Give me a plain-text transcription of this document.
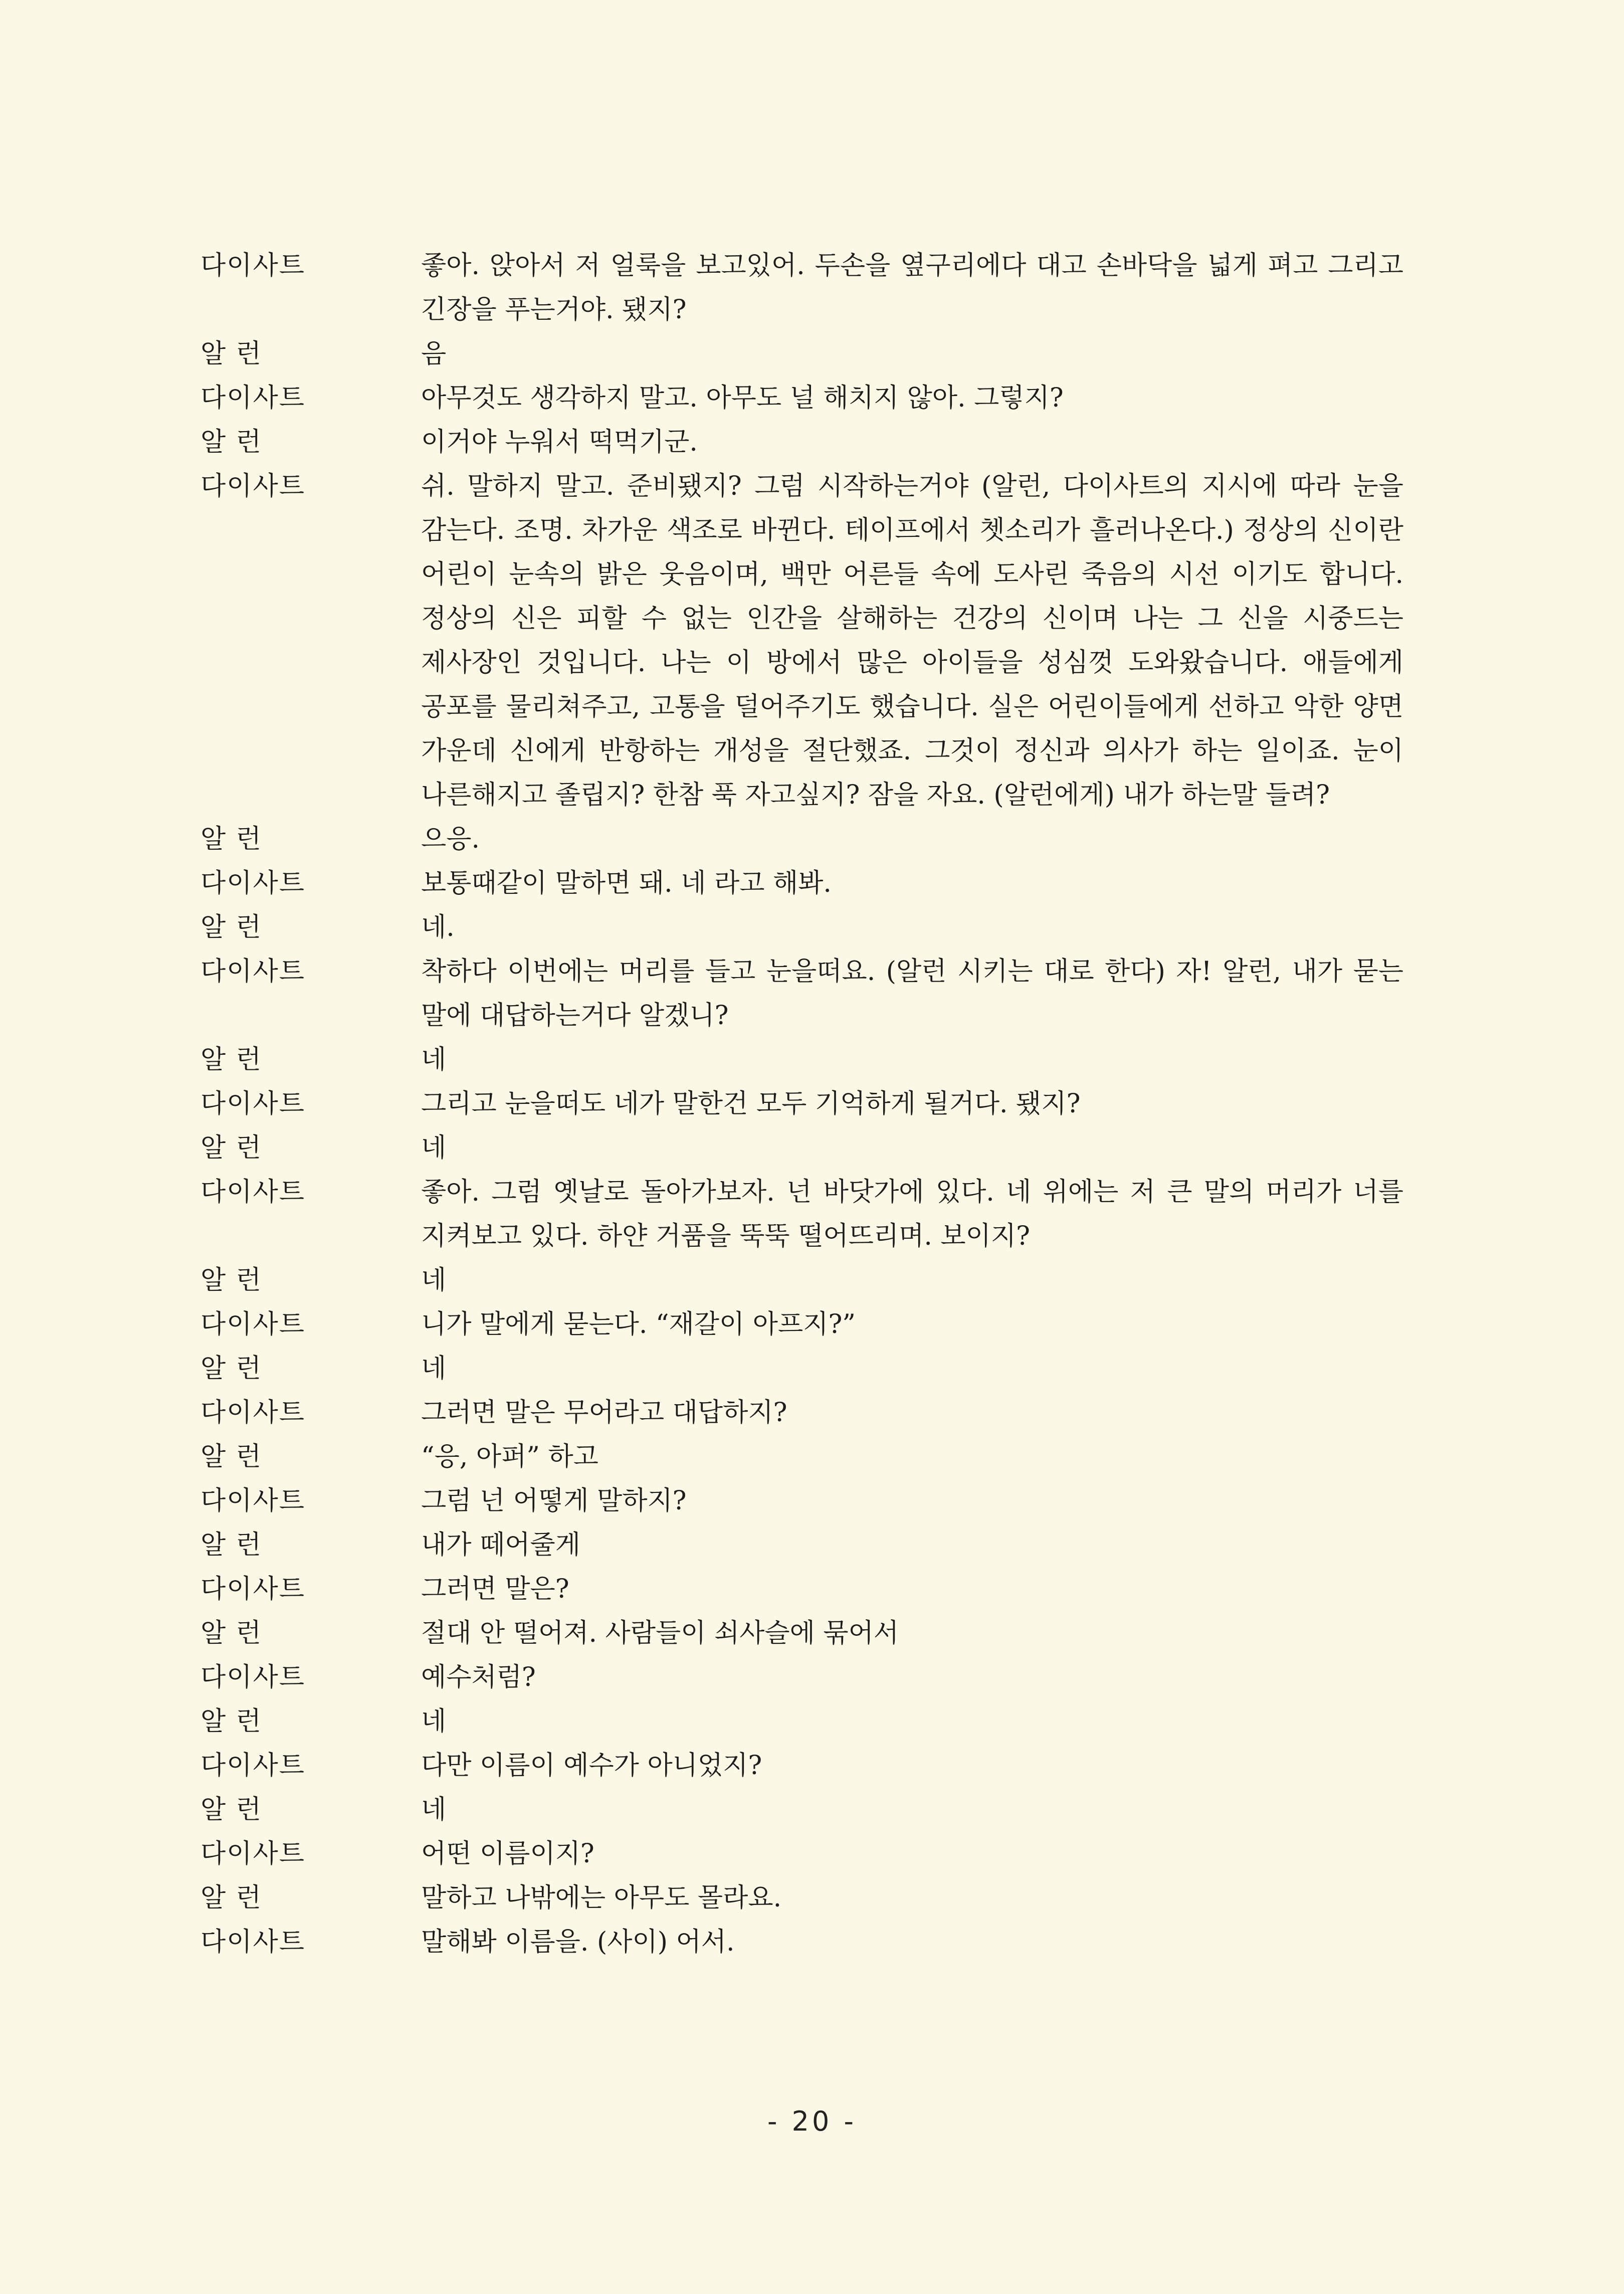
다이사트	좋아. 앉아서 저 얼룩을 보고있어. 두손을 옆구리에다 대고 손바닥을 넓게 펴고 그리고 긴장을 푸는거야. 됐지?
알 런	음
다이사트	아무것도 생각하지 말고. 아무도 널 해치지 않아. 그렇지?
알 런	이거야 누워서 떡먹기군.
다이사트	쉬. 말하지 말고. 준비됐지? 그럼 시작하는거야 (알런, 다이사트의 지시에 따라 눈을 감는다. 조명. 차가운 색조로 바뀐다. 테이프에서 쳇소리가 흘러나온다.) 정상의 신이란 어린이 눈속의 밝은 웃음이며, 백만 어른들 속에 도사린 죽음의 시선 이기도 합니다. 정상의 신은 피할 수 없는 인간을 살해하는 건강의 신이며 나는 그 신을 시중드는 제사장인 것입니다. 나는 이 방에서 많은 아이들을 성심껏 도와왔습니다. 애들에게 공포를 물리쳐주고, 고통을 덜어주기도 했습니다. 실은 어린이들에게 선하고 악한 양면 가운데 신에게 반항하는 개성을 절단했죠. 그것이 정신과 의사가 하는 일이죠. 눈이 나른해지고 졸립지? 한참 푹 자고싶지? 잠을 자요. (알런에게) 내가 하는말 들려?
알 런	으응.
다이사트	보통때같이 말하면 돼. 네 라고 해봐.
알 런	네.
다이사트	착하다 이번에는 머리를 들고 눈을떠요. (알런 시키는 대로 한다) 자! 알런, 내가 묻는 말에 대답하는거다 알겠니?
알 런	네
다이사트	그리고 눈을떠도 네가 말한건 모두 기억하게 될거다. 됐지?
알 런	네
다이사트	좋아. 그럼 옛날로 돌아가보자. 넌 바닷가에 있다. 네 위에는 저 큰 말의 머리가 너를 지켜보고 있다. 하얀 거품을 뚝뚝 떨어뜨리며. 보이지?
알 런	네
다이사트	니가 말에게 묻는다. “재갈이 아프지?”
알 런	네
다이사트	그러면 말은 무어라고 대답하지?
알 런	“응, 아퍼” 하고
다이사트	그럼 넌 어떻게 말하지?
알 런	내가 떼어줄게
다이사트	그러면 말은?
알 런	절대 안 떨어져. 사람들이 쇠사슬에 묶어서
다이사트	예수처럼?
알 런	네
다이사트	다만 이름이 예수가 아니었지?
알 런	네
다이사트	어떤 이름이지?
알 런	말하고 나밖에는 아무도 몰라요.
다이사트	말해봐 이름을. (사이) 어서.
- 20 -
